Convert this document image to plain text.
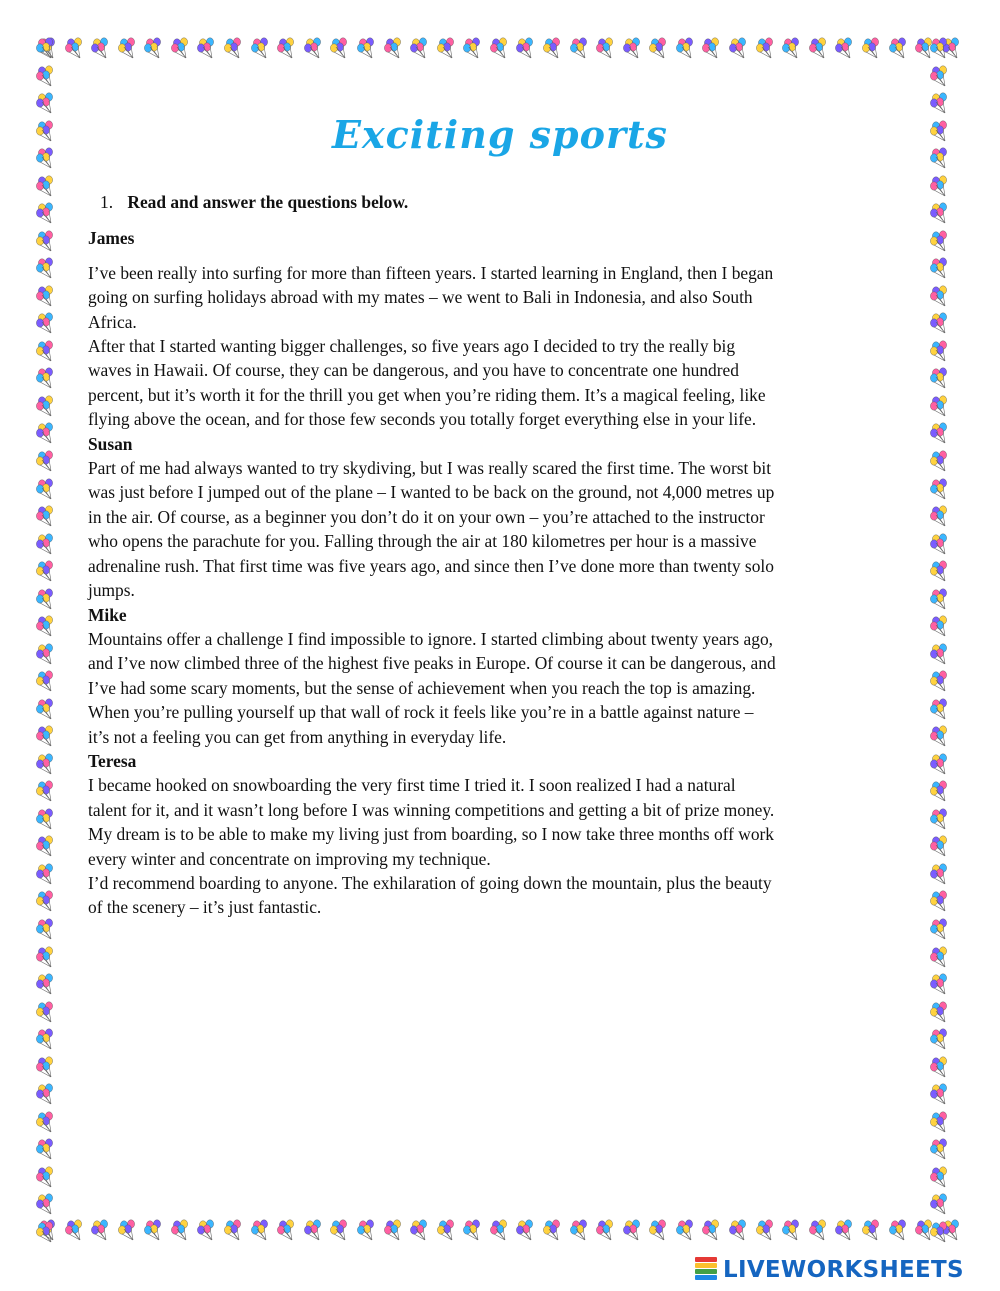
Exciting sports

1. Read and answer the questions below.

James

I’ve been really into surfing for more than fifteen years. I started learning in England, then I began going on surfing holidays abroad with my mates – we went to Bali in Indonesia, and also South Africa.

After that I started wanting bigger challenges, so five years ago I decided to try the really big waves in Hawaii. Of course, they can be dangerous, and you have to concentrate one hundred percent, but it’s worth it for the thrill you get when you’re riding them. It’s a magical feeling, like flying above the ocean, and for those few seconds you totally forget everything else in your life.

Susan

Part of me had always wanted to try skydiving, but I was really scared the first time. The worst bit was just before I jumped out of the plane – I wanted to be back on the ground, not 4,000 metres up in the air. Of course, as a beginner you don’t do it on your own – you’re attached to the instructor who opens the parachute for you. Falling through the air at 180 kilometres per hour is a massive adrenaline rush. That first time was five years ago, and since then I’ve done more than twenty solo jumps.

Mike

Mountains offer a challenge I find impossible to ignore. I started climbing about twenty years ago, and I’ve now climbed three of the highest five peaks in Europe. Of course it can be dangerous, and I’ve had some scary moments, but the sense of achievement when you reach the top is amazing. When you’re pulling yourself up that wall of rock it feels like you’re in a battle against nature – it’s not a feeling you can get from anything in everyday life.

Teresa

I became hooked on snowboarding the very first time I tried it. I soon realized I had a natural talent for it, and it wasn’t long before I was winning competitions and getting a bit of prize money. My dream is to be able to make my living just from boarding, so I now take three months off work every winter and concentrate on improving my technique.

I’d recommend boarding to anyone. The exhilaration of going down the mountain, plus the beauty of the scenery – it’s just fantastic.

LIVEWORKSHEETS
